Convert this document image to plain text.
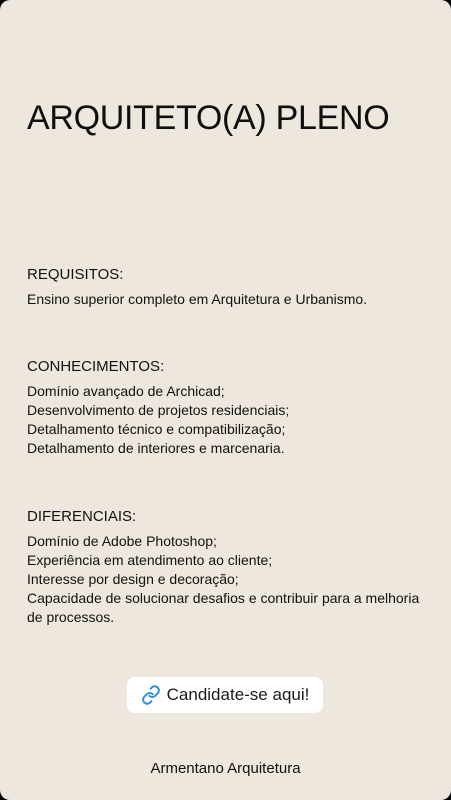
ARQUITETO(A) PLENO

REQUISITOS:

Ensino superior completo em Arquitetura e Urbanismo.

CONHECIMENTOS:

Domínio avançado de Archicad;

Desenvolvimento de projetos residenciais;

Detalhamento técnico e compatibilização;

Detalhamento de interiores e marcenaria.

DIFERENCIAIS:

Domínio de Adobe Photoshop;

Experiência em atendimento ao cliente;

Interesse por design e decoração;

Capacidade de solucionar desafios e contribuir para a melhoria

de processos.

Candidate-se aqui!
Armentano Arquitetura
